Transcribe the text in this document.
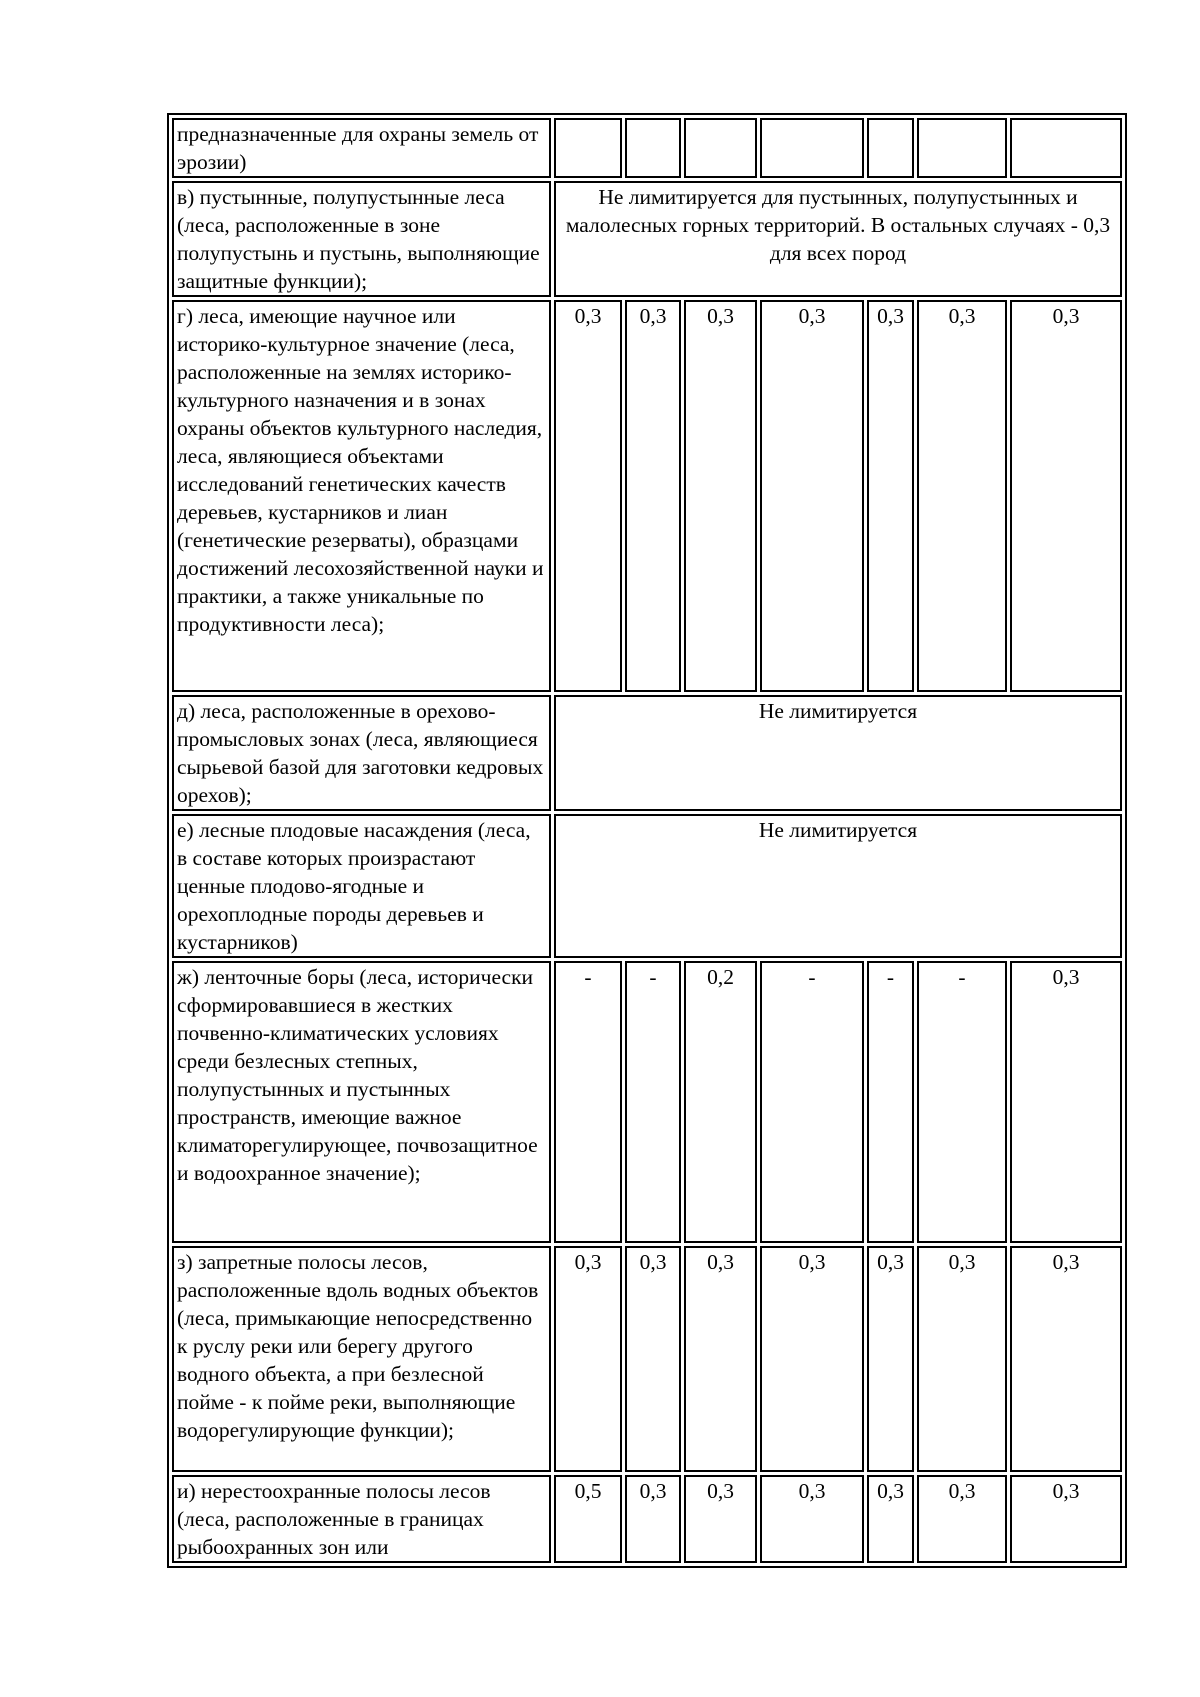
предназначенные для охраны земель от эрозии)							
в) пустынные, полупустынные леса (леса, расположенные в зоне полупустынь и пустынь, выполняющие защитные функции);	Не лимитируется для пустынных, полупустынных и малолесных горных территорий. В остальных случаях - 0,3 для всех пород						
г) леса, имеющие научное или историко-культурное значение (леса, расположенные на землях историко-культурного назначения и в зонах охраны объектов культурного наследия, леса, являющиеся объектами исследований генетических качеств деревьев, кустарников и лиан (генетические резерваты), образцами достижений лесохозяйственной науки и практики, а также уникальные по продуктивности леса);	0,3	0,3	0,3	0,3	0,3	0,3	0,3
д) леса, расположенные в орехово-промысловых зонах (леса, являющиеся сырьевой базой для заготовки кедровых орехов);	Не лимитируется						
е) лесные плодовые насаждения (леса, в составе которых произрастают ценные плодово-ягодные и орехоплодные породы деревьев и кустарников)	Не лимитируется						
ж) ленточные боры (леса, исторически сформировавшиеся в жестких почвенно-климатических условиях среди безлесных степных, полупустынных и пустынных пространств, имеющие важное климаторегулирующее, почвозащитное и водоохранное значение);	-	-	0,2	-	-	-	0,3
з) запретные полосы лесов, расположенные вдоль водных объектов (леса, примыкающие непосредственно к руслу реки или берегу другого водного объекта, а при безлесной пойме - к пойме реки, выполняющие водорегулирующие функции);	0,3	0,3	0,3	0,3	0,3	0,3	0,3
и) нерестоохранные полосы лесов (леса, расположенные в границах рыбоохранных зон или	0,5	0,3	0,3	0,3	0,3	0,3	0,3
